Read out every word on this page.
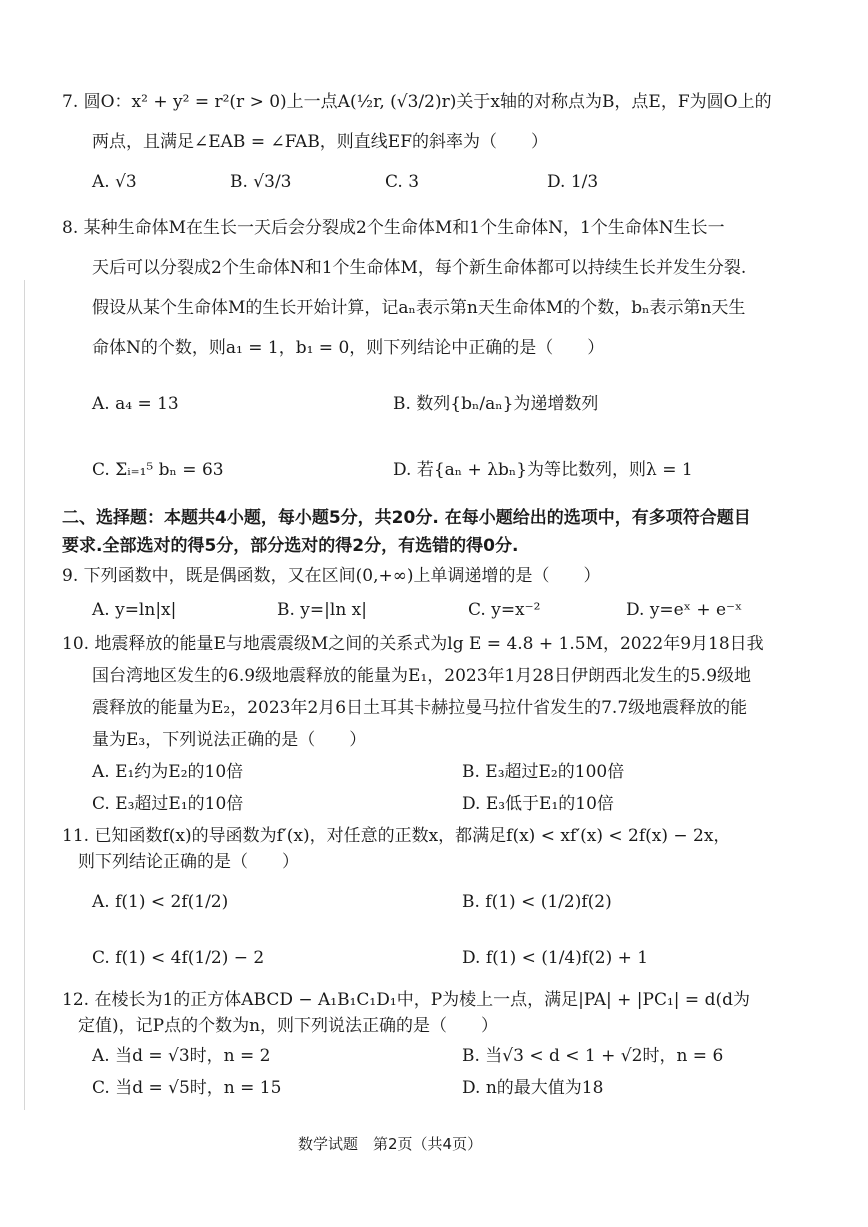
7. 圆O：x² + y² = r²(r > 0)上一点A(½r, (√3/2)r)关于x轴的对称点为B，点E，F为圆O上的
两点，且满足∠EAB = ∠FAB，则直线EF的斜率为（　　）
A. √3	B. √3/3	C. 3	D. 1/3
8. 某种生命体M在生长一天后会分裂成2个生命体M和1个生命体N，1个生命体N生长一
天后可以分裂成2个生命体N和1个生命体M，每个新生命体都可以持续生长并发生分裂.
假设从某个生命体M的生长开始计算，记aₙ表示第n天生命体M的个数，bₙ表示第n天生
命体N的个数，则a₁ = 1，b₁ = 0，则下列结论中正确的是（　　）
A. a₄ = 13	B. 数列{bₙ/aₙ}为递增数列
C. Σᵢ₌₁⁵ bₙ = 63	D. 若{aₙ + λbₙ}为等比数列，则λ = 1
二、选择题：本题共4小题，每小题5分，共20分. 在每小题给出的选项中，有多项符合题目
要求.全部选对的得5分，部分选对的得2分，有选错的得0分.
9. 下列函数中，既是偶函数，又在区间(0,+∞)上单调递增的是（　　）
A. y=ln|x|	B. y=|ln x|	C. y=x⁻²	D. y=eˣ + e⁻ˣ
10. 地震释放的能量E与地震震级M之间的关系式为lg E = 4.8 + 1.5M，2022年9月18日我
国台湾地区发生的6.9级地震释放的能量为E₁，2023年1月28日伊朗西北发生的5.9级地
震释放的能量为E₂，2023年2月6日土耳其卡赫拉曼马拉什省发生的7.7级地震释放的能
量为E₃，下列说法正确的是（　　）
A. E₁约为E₂的10倍	B. E₃超过E₂的100倍
C. E₃超过E₁的10倍	D. E₃低于E₁的10倍
11. 已知函数f(x)的导函数为f′(x)，对任意的正数x，都满足f(x) < xf′(x) < 2f(x) − 2x，
则下列结论正确的是（　　）
A. f(1) < 2f(1/2)	B. f(1) < (1/2)f(2)
C. f(1) < 4f(1/2) − 2	D. f(1) < (1/4)f(2) + 1
12. 在棱长为1的正方体ABCD − A₁B₁C₁D₁中，P为棱上一点，满足|PA| + |PC₁| = d(d为
定值)，记P点的个数为n，则下列说法正确的是（　　）
A. 当d = √3时，n = 2	B. 当√3 < d < 1 + √2时，n = 6
C. 当d = √5时，n = 15	D. n的最大值为18
数学试题　第2页（共4页）
